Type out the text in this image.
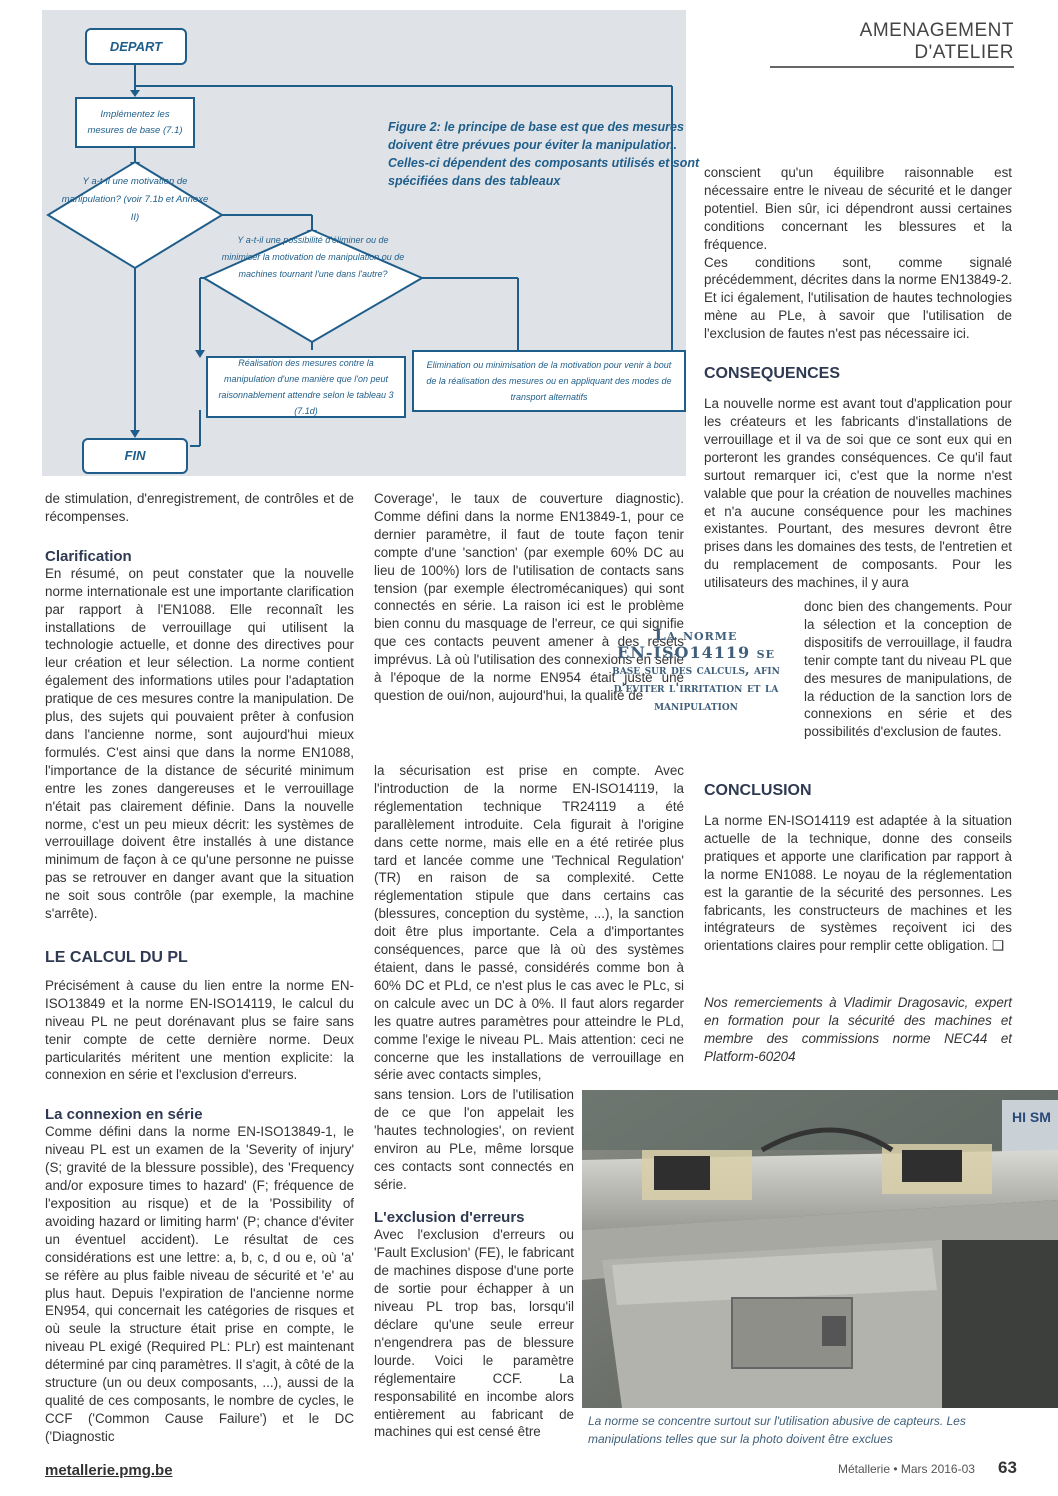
AMENAGEMENT D'ATELIER
DEPART
Implémentez les mesures de base (7.1)
Y a-t-il une motivation de manipulation? (voir 7.1b et Annexe II)
Y a-t-il une possibilité d'éliminer ou de minimiser la motivation de manipulation ou de machines tournant l'une dans l'autre?
Réalisation des mesures contre la manipulation d'une manière que l'on peut raisonnablement attendre selon le tableau 3 (7.1d)
Elimination ou minimisation de la motivation pour venir à bout de la réalisation des mesures ou en appliquant des modes de transport alternatifs
FIN
Figure 2: le principe de base est que des mesures doivent être prévues pour éviter la manipulation. Celles-ci dépendent des composants utilisés et sont spécifiées dans des tableaux

de stimulation, d'enregistrement, de contrôles et de récompenses.

Clarification

En résumé, on peut constater que la nouvelle norme internationale est une importante clarification par rapport à l'EN1088. Elle reconnaît les installations de verrouillage qui utilisent la technologie actuelle, et donne des directives pour leur création et leur sélection. La norme contient également des informations utiles pour l'adaptation pratique de ces mesures contre la manipulation. De plus, des sujets qui pouvaient prêter à confusion dans l'ancienne norme, sont aujourd'hui mieux formulés. C'est ainsi que dans la norme EN1088, l'importance de la distance de sécurité minimum entre les zones dangereuses et le verrouillage n'était pas clairement définie. Dans la nouvelle norme, c'est un peu mieux décrit: les systèmes de verrouillage doivent être installés à une distance minimum de façon à ce qu'une personne ne puisse pas se retrouver en danger avant que la situation ne soit sous contrôle (par exemple, la machine s'arrête).

LE CALCUL DU PL

Précisément à cause du lien entre la norme EN-ISO13849 et la norme EN-ISO14119, le calcul du niveau PL ne peut dorénavant plus se faire sans tenir compte de cette dernière norme. Deux particularités méritent une mention explicite: la connexion en série et l'exclusion d'erreurs.

La connexion en série

Comme défini dans la norme EN-ISO13849-1, le niveau PL est un examen de la 'Severity of injury' (S; gravité de la blessure possible), des 'Frequency and/or exposure times to hazard' (F; fréquence de l'exposition au risque) et de la 'Possibility of avoiding hazard or limiting harm' (P; chance d'éviter un éventuel accident). Le résultat de ces considérations est une lettre: a, b, c, d ou e, où 'a' se réfère au plus faible niveau de sécurité et 'e' au plus haut. Depuis l'expiration de l'ancienne norme EN954, qui concernait les catégories de risques et où seule la structure était prise en compte, le niveau PL exigé (Required PL: PLr) est maintenant déterminé par cinq paramètres. Il s'agit, à côté de la structure (un ou deux composants, ...), aussi de la qualité de ces composants, le nombre de cycles, le CCF ('Common Cause Failure') et le DC ('Diagnostic

Coverage', le taux de couverture diagnostic). Comme défini dans la norme EN13849-1, pour ce dernier paramètre, il faut de toute façon tenir compte d'une 'sanction' (par exemple 60% DC au lieu de 100%) lors de l'utilisation de contacts sans tension (par exemple électromécaniques) qui sont connectés en série. La raison ici est le problème bien connu du masquage de l'erreur, ce qui signifie que ces contacts peuvent amener à des resets imprévus. Là où l'utilisation des connexions en série à l'époque de la norme EN954 était juste une question de oui/non, aujourd'hui, la qualité de

la sécurisation est prise en compte. Avec l'introduction de la norme EN-ISO14119, la réglementation technique TR24119 a été parallèlement introduite. Cela figurait à l'origine dans cette norme, mais elle en a été retirée plus tard et lancée comme une 'Technical Regulation' (TR) en raison de sa complexité. Cette réglementation stipule que dans certains cas (blessures, conception du système, ...), la sanction doit être plus importante. Cela a d'importantes conséquences, parce que là où des systèmes étaient, dans le passé, considérés comme bon à 60% DC et PLd, ce n'est plus le cas avec le PLc, si on calcule avec un DC à 0%. Il faut alors regarder les quatre autres paramètres pour atteindre le PLd, comme l'exige le niveau PL. Mais attention: ceci ne concerne que les installations de verrouillage en série avec contacts simples,

sans tension. Lors de l'utilisation de ce que l'on appelait les 'hautes technologies', on revient environ au PLe, même lorsque ces contacts sont connectés en série.

L'exclusion d'erreurs

Avec l'exclusion d'erreurs ou 'Fault Exclusion' (FE), le fabricant de machines dispose d'une porte de sortie pour échapper à un niveau PL trop bas, lorsqu'il déclare qu'une seule erreur n'engendrera pas de blessure lourde. Voici le paramètre réglementaire CCF. La responsabilité en incombe alors entièrement au fabricant de machines qui est censé être

La norme
EN-ISO14119 se
base sur des calculs, afin d'eviter l'irritation et la manipulation

conscient qu'un équilibre raisonnable est nécessaire entre le niveau de sécurité et le danger potentiel. Bien sûr, ici dépendront aussi certaines conditions concernant les blessures et la fréquence.

Ces conditions sont, comme signalé précédemment, décrites dans la norme EN13849-2. Et ici également, l'utilisation de hautes technologies mène au PLe, à savoir que l'utilisation de l'exclusion de fautes n'est pas nécessaire ici.

CONSEQUENCES

La nouvelle norme est avant tout d'application pour les créateurs et les fabricants d'installations de verrouillage et il va de soi que ce sont eux qui en porteront les grandes conséquences. Ce qu'il faut surtout remarquer ici, c'est que la norme n'est valable que pour la création de nouvelles machines et n'a aucune conséquence pour les machines existantes. Pourtant, des mesures devront être prises dans les domaines des tests, de l'entretien et du remplacement de composants. Pour les utilisateurs des machines, il y aura

donc bien des changements. Pour la sélection et la conception de dispositifs de verrouillage, il faudra tenir compte tant du niveau PL que des mesures de manipulations, de la réduction de la sanction lors de connexions en série et des possibilités d'exclusion de fautes.

CONCLUSION

La norme EN-ISO14119 est adaptée à la situation actuelle de la technique, donne des conseils pratiques et apporte une clarification par rapport à la norme EN1088. Le noyau de la réglementation est la garantie de la sécurité des personnes. Les fabricants, les constructeurs de machines et les intégrateurs de systèmes reçoivent ici des orientations claires pour remplir cette obligation. ❑

Nos remerciements à Vladimir Dragosavic, expert en formation pour la sécurité des machines et membre des commissions norme NEC44 et Platform-60204
HI SM
La norme se concentre surtout sur l'utilisation abusive de capteurs. Les manipulations telles que sur la photo doivent être exclues
metallerie.pmg.be	Métallerie • Mars 2016-03 63
